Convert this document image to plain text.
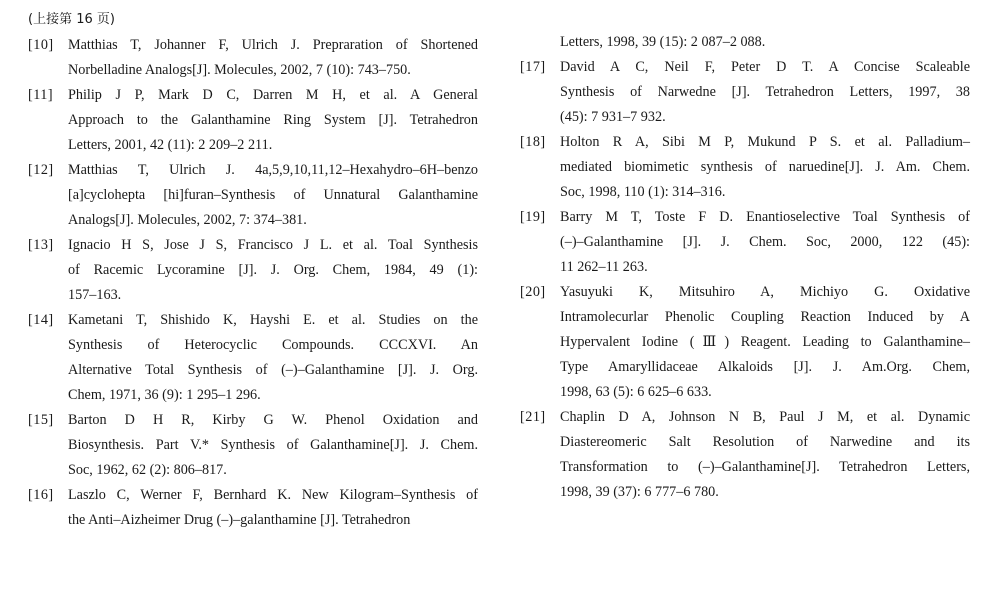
(上接第 16 页)
[10]	Matthias T, Johanner F, Ulrich J. Prepraration of Shortened
Norbelladine Analogs[J]. Molecules, 2002, 7 (10): 743–750.
[11]	Philip J P, Mark D C, Darren M H, et al. A General
Approach to the Galanthamine Ring System [J]. Tetrahedron
Letters, 2001, 42 (11): 2 209–2 211.
[12]	Matthias T, Ulrich J. 4a,5,9,10,11,12–Hexahydro–6H–benzo
[a]cyclohepta [hi]furan–Synthesis of Unnatural Galanthamine
Analogs[J]. Molecules, 2002, 7: 374–381.
[13]	Ignacio H S, Jose J S, Francisco J L. et al. Toal Synthesis
of Racemic Lycoramine [J]. J. Org. Chem, 1984, 49 (1):
157–163.
[14]	Kametani T, Shishido K, Hayshi E. et al. Studies on the
Synthesis of Heterocyclic Compounds. CCCXVI. An
Alternative Total Synthesis of (–)–Galanthamine [J]. J. Org.
Chem, 1971, 36 (9): 1 295–1 296.
[15]	Barton D H R, Kirby G W. Phenol Oxidation and
Biosynthesis. Part V.* Synthesis of Galanthamine[J]. J. Chem.
Soc, 1962, 62 (2): 806–817.
[16]	Laszlo C, Werner F, Bernhard K. New Kilogram–Synthesis of
the Anti–Aizheimer Drug (–)–galanthamine [J]. Tetrahedron
Letters, 1998, 39 (15): 2 087–2 088.
[17]	David A C, Neil F, Peter D T. A Concise Scaleable
Synthesis of Narwedne [J]. Tetrahedron Letters, 1997, 38
(45): 7 931–7 932.
[18]	Holton R A, Sibi M P, Mukund P S. et al. Palladium–
mediated biomimetic synthesis of naruedine[J]. J. Am. Chem.
Soc, 1998, 110 (1): 314–316.
[19]	Barry M T, Toste F D. Enantioselective Toal Synthesis of
(–)–Galanthamine [J]. J. Chem. Soc, 2000, 122 (45):
11 262–11 263.
[20]	Yasuyuki K, Mitsuhiro A, Michiyo G. Oxidative
Intramolecurlar Phenolic Coupling Reaction Induced by A
Hypervalent Iodine (Ⅲ) Reagent. Leading to Galanthamine–
Type Amaryllidaceae Alkaloids [J]. J. Am.Org. Chem,
1998, 63 (5): 6 625–6 633.
[21]	Chaplin D A, Johnson N B, Paul J M, et al. Dynamic
Diastereomeric Salt Resolution of Narwedine and its
Transformation to (–)–Galanthamine[J]. Tetrahedron Letters,
1998, 39 (37): 6 777–6 780.
